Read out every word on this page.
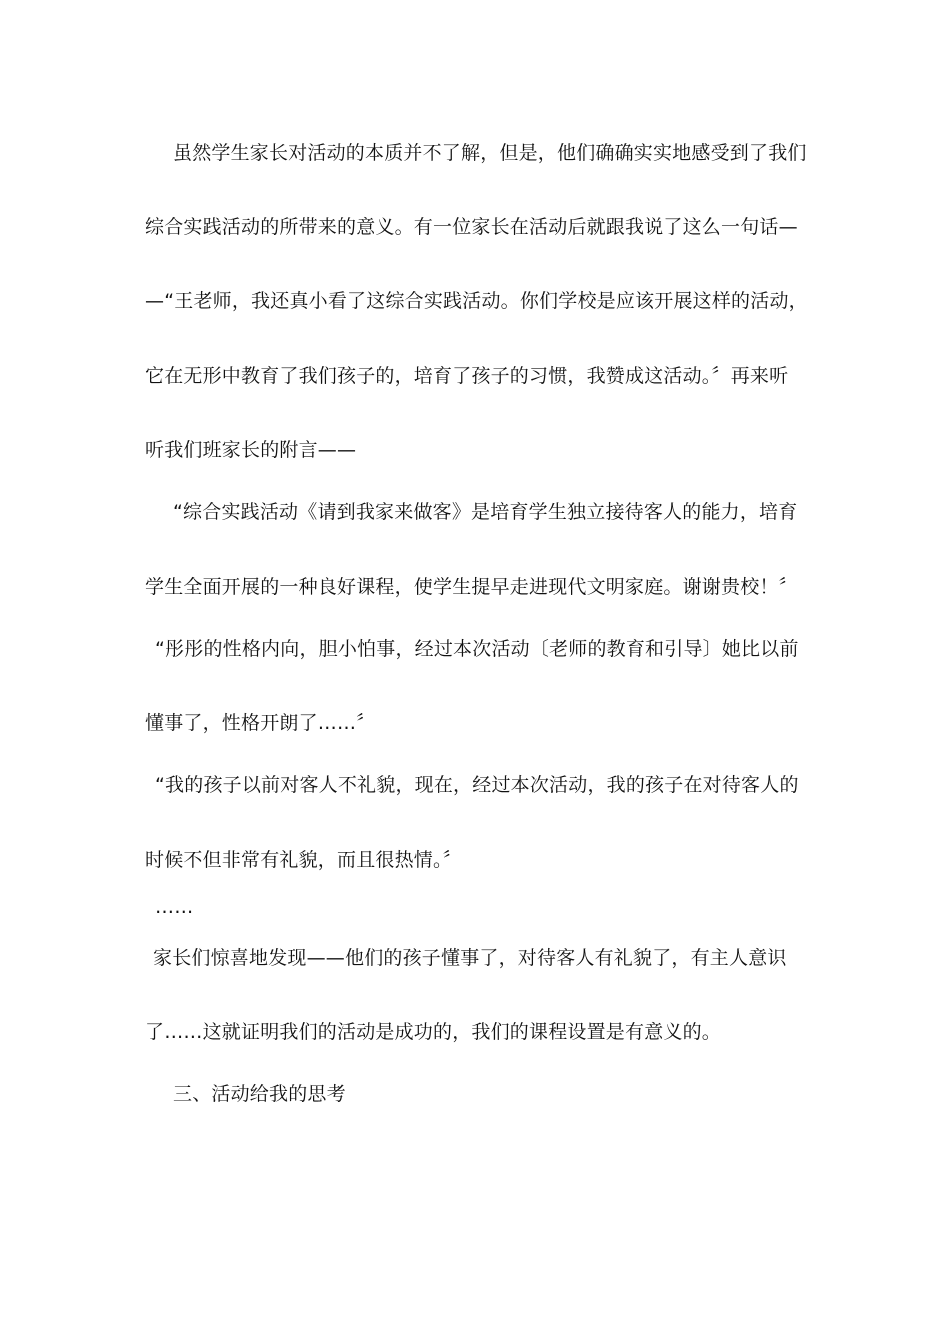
虽然学生家长对活动的本质并不了解，但是，他们确确实实地感受到了我们
综合实践活动的所带来的意义。有一位家长在活动后就跟我说了这么一句话—
—“王老师，我还真小看了这综合实践活动。你们学校是应该开展这样的活动，
它在无形中教育了我们孩子的，培育了孩子的习惯，我赞成这活动。〞再来听
听我们班家长的附言——
“综合实践活动《请到我家来做客》是培育学生独立接待客人的能力，培育
学生全面开展的一种良好课程，使学生提早走进现代文明家庭。谢谢贵校！〞
“彤彤的性格内向，胆小怕事，经过本次活动〔老师的教育和引导〕她比以前
懂事了，性格开朗了……〞
“我的孩子以前对客人不礼貌，现在，经过本次活动，我的孩子在对待客人的
时候不但非常有礼貌，而且很热情。〞
……
家长们惊喜地发现——他们的孩子懂事了，对待客人有礼貌了，有主人意识
了……这就证明我们的活动是成功的，我们的课程设置是有意义的。
三、活动给我的思考
